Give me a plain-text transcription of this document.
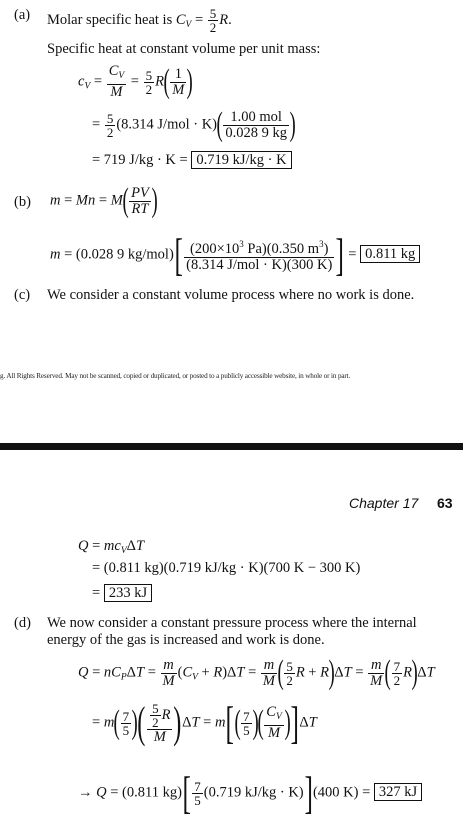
(a) Molar specific heat is $C_V = \frac{5}{2} R$.
Specific heat at constant volume per unit mass:
$c_V = \frac{C_V}{M} = \frac{5}{2} R( \frac{1}{M}$ )
= $\frac{5}{2} (8.314$ $J/mol \cdot K)( \frac{\text{1.00 mol}}{0.028 9 kg}$ )
= 719 J/kg · K = 0.719 kJ/kg · K
(b) $m = Mn = M( \frac{PV}{RT}$ )
m = (0.028 9 $kg/mol)[ \frac{(200\times 10^3 Pa)(0.350 m^3)}{\text{(8.314 J/mol · K)(300 K)}}$ ] = 0.811 kg
(c) We consider a constant volume process where no work is done.
g. All Rights Reserved. May not be scanned, copied or duplicated, or posted to a publicly accessible website, in whole or in part.
Chapter 17 63
$Q = mc_V\Delta T$
= (0.811 kg)(0.719 kJ/kg · K)(700 K − 300 K)
= 233 kJ
(d) We now consider a constant pressure process where the internal
energy of the gas is increased and work is done.
$Q = nC_P\Delta T = \frac{m}{M} (C_V + R)\Delta T = \frac{m}{M}$ ( $\frac{5}{2}$ $R + R)\Delta T = \frac{m}{M}$ ( $\frac{7}{2} R)\Delta T$
= $m( \frac{7}{5}$ )( $\frac{\frac{5}{2} R}{M} )\Delta T = m[( \frac{7}{5}$ )( $\frac{C_V}{M} )]\Delta T$
→ Q = (0.811 $kg)[ \frac{7}{5} (0.719$ kJ/kg · K)](400 K) = 327 kJ
